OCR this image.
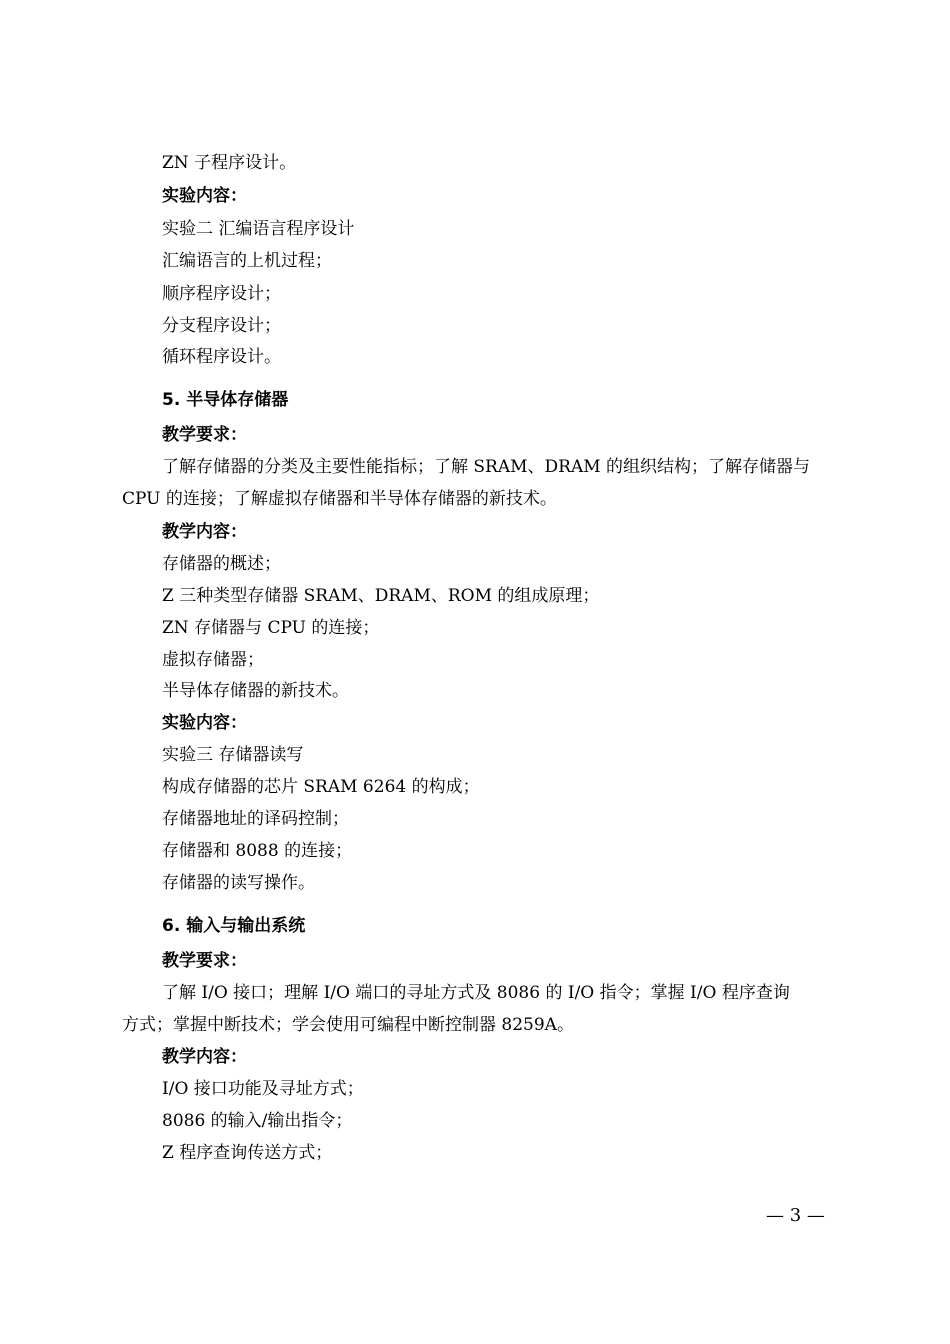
ZN 子程序设计。
实验内容：
实验二 汇编语言程序设计
汇编语言的上机过程；
顺序程序设计；
分支程序设计；
循环程序设计。
5. 半导体存储器
教学要求：
了解存储器的分类及主要性能指标；了解 SRAM、DRAM 的组织结构；了解存储器与
CPU 的连接；了解虚拟存储器和半导体存储器的新技术。
教学内容：
存储器的概述；
Z 三种类型存储器 SRAM、DRAM、ROM 的组成原理；
ZN 存储器与 CPU 的连接；
虚拟存储器；
半导体存储器的新技术。
实验内容：
实验三 存储器读写
构成存储器的芯片 SRAM 6264 的构成；
存储器地址的译码控制；
存储器和 8088 的连接；
存储器的读写操作。
6. 输入与输出系统
教学要求：
了解 I/O 接口；理解 I/O 端口的寻址方式及 8086 的 I/O 指令；掌握 I/O 程序查询
方式；掌握中断技术；学会使用可编程中断控制器 8259A。
教学内容：
I/O 接口功能及寻址方式；
8086 的输入/输出指令；
Z 程序查询传送方式；
— 3 —
